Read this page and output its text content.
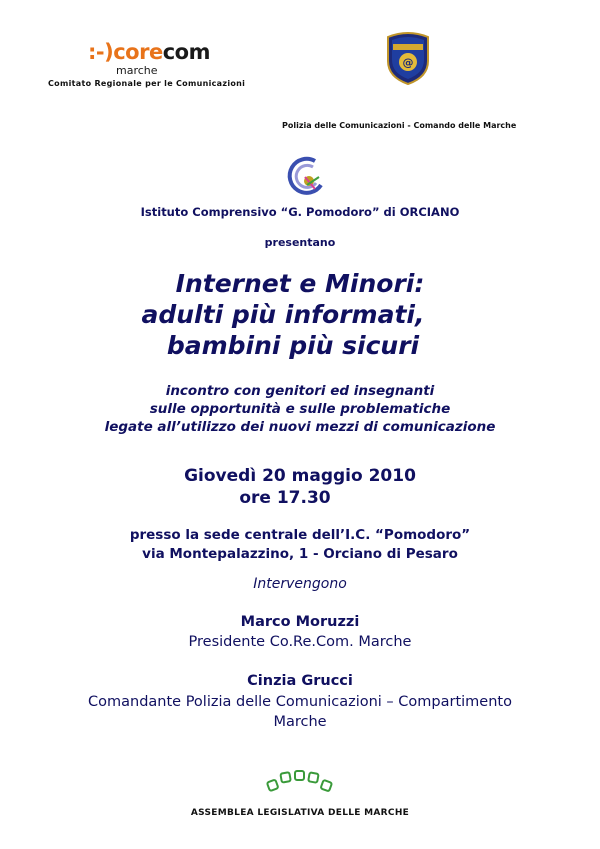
:-)corecom
marche
Comitato Regionale per le Comunicazioni
@
Polizia delle Comunicazioni - Comando delle Marche
Istituto Comprensivo “G. Pomodoro” di ORCIANO
presentano
Internet e Minori:
adulti più informati,
bambini più sicuri
incontro con genitori ed insegnanti
sulle opportunità e sulle problematiche
legate all’utilizzo dei nuovi mezzi di comunicazione
Giovedì 20 maggio 2010
ore 17.30
presso la sede centrale dell’I.C. “Pomodoro”
via Montepalazzino, 1 - Orciano di Pesaro
Intervengono
Marco Moruzzi
Presidente Co.Re.Com. Marche
Cinzia Grucci
Comandante Polizia delle Comunicazioni – Compartimento
Marche
ASSEMBLEA LEGISLATIVA DELLE MARCHE
